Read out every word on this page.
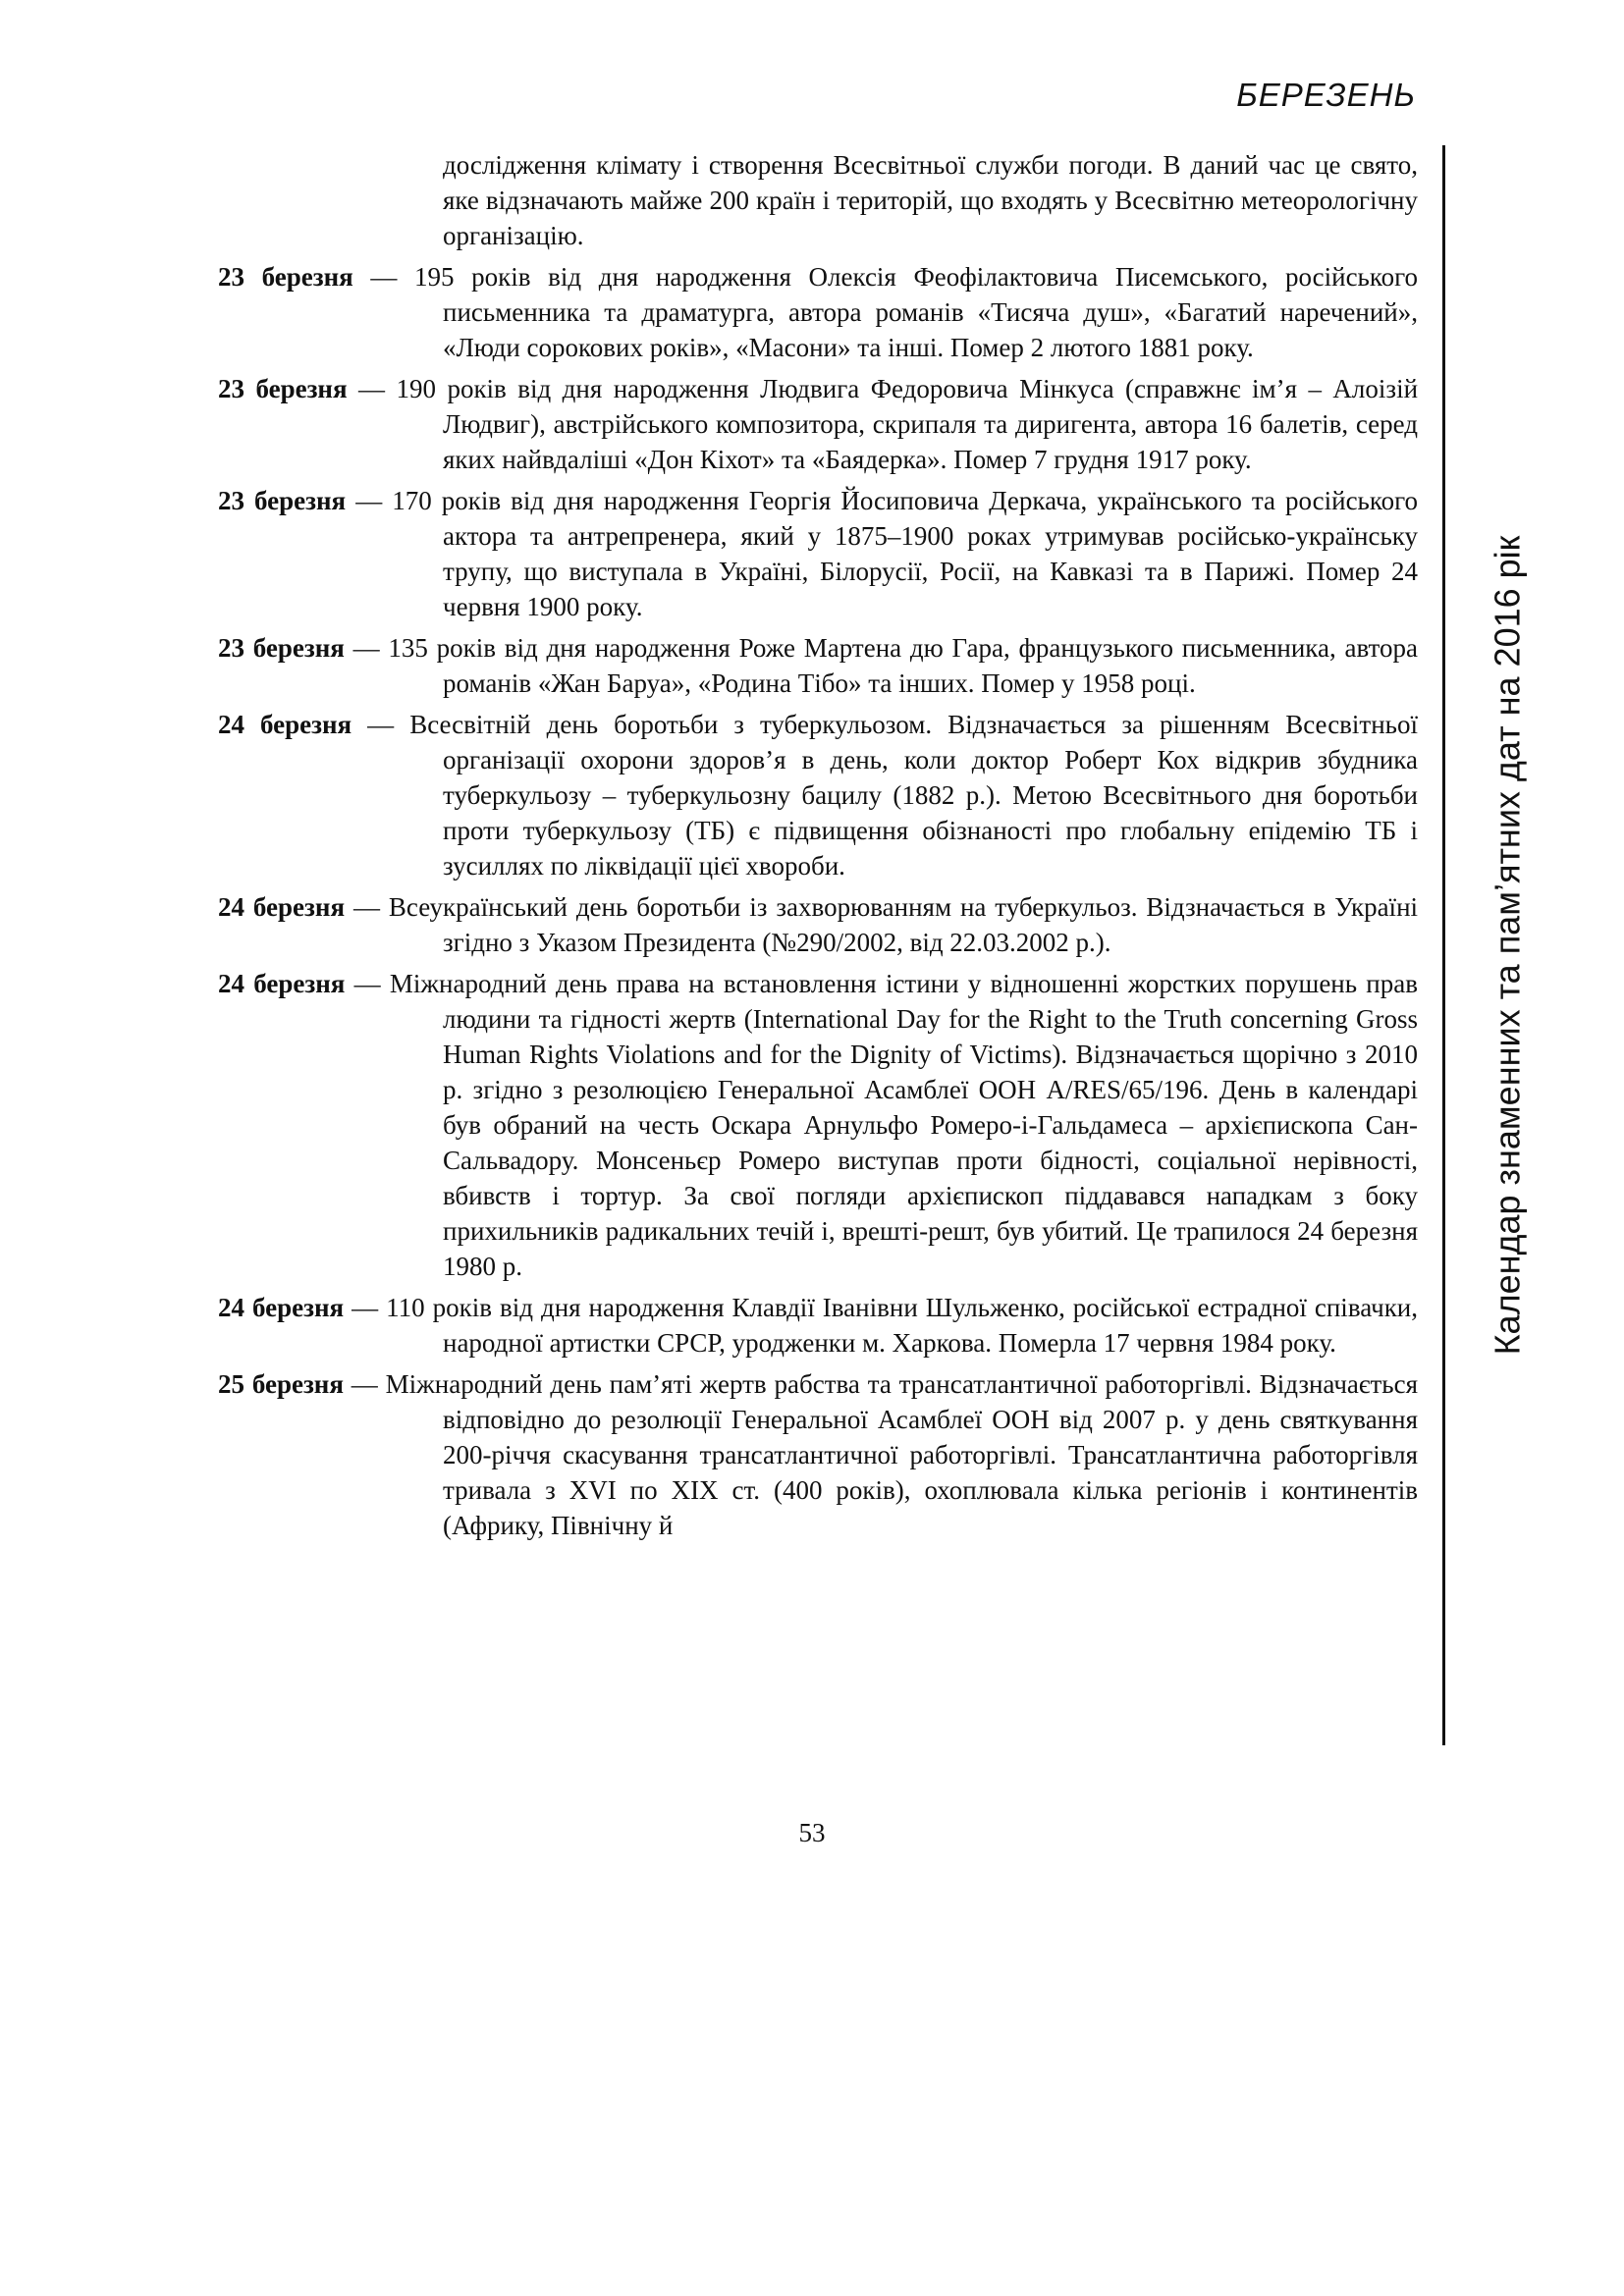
БЕРЕЗЕНЬ
Календар знаменних та пам’ятних дат на 2016 рік
дослідження клімату і створення Всесвітньої служби погоди. В даний час це свято, яке відзначають майже 200 країн і територій, що входять у Всесвітню метеорологічну організацію.
23 березня — 195 років від дня народження Олексія Феофілактовича Писемського, російського письменника та драматурга, автора романів «Тисяча душ», «Багатий наречений», «Люди сорокових років», «Масони» та інші. Помер 2 лютого 1881 року.
23 березня — 190 років від дня народження Людвига Федоровича Мінкуса (справжнє ім’я – Алоізій Людвиг), австрійського композитора, скрипаля та диригента, автора 16 балетів, серед яких найвдаліші «Дон Кіхот» та «Баядерка». Помер 7 грудня 1917 року.
23 березня — 170 років від дня народження Георгія Йосиповича Деркача, українського та російського актора та антрепренера, який у 1875–1900 роках утримував російсько-українську трупу, що виступала в Україні, Білорусії, Росії, на Кавказі та в Парижі. Помер 24 червня 1900 року.
23 березня — 135 років від дня народження Роже Мартена дю Гара, французького письменника, автора романів «Жан Баруа», «Родина Тібо» та інших. Помер у 1958 році.
24 березня — Всесвітній день боротьби з туберкульозом. Відзначається за рішенням Всесвітньої організації охорони здоров’я в день, коли доктор Роберт Кох відкрив збудника туберкульозу – туберкульозну бацилу (1882 р.). Метою Всесвітнього дня боротьби проти туберкульозу (ТБ) є підвищення обізнаності про глобальну епідемію ТБ і зусиллях по ліквідації цієї хвороби.
24 березня — Всеукраїнський день боротьби із захворюванням на туберкульоз. Відзначається в Україні згідно з Указом Президента (№290/2002, від 22.03.2002 р.).
24 березня — Міжнародний день права на встановлення істини у відношенні жорстких порушень прав людини та гідності жертв (International Day for the Right to the Truth concerning Gross Human Rights Violations and for the Dignity of Victims). Відзначається щорічно з 2010 р. згідно з резолюцією Генеральної Асамблеї ООН A/RES/65/196. День в календарі був обраний на честь Оскара Арнульфо Ромеро-і-Гальдамеса – архієпископа Сан-Сальвадору. Монсеньєр Ромеро виступав проти бідності, соціальної нерівності, вбивств і тортур. За свої погляди архієпископ піддавався нападкам з боку прихильників радикальних течій і, врешті-решт, був убитий. Це трапилося 24 березня 1980 р.
24 березня — 110 років від дня народження Клавдії Іванівни Шульженко, російської естрадної співачки, народної артистки СРСР, уродженки м. Харкова. Померла 17 червня 1984 року.
25 березня — Міжнародний день пам’яті жертв рабства та трансатлантичної работоргівлі. Відзначається відповідно до резолюції Генеральної Асамблеї ООН від 2007 р. у день святкування 200-річчя скасування трансатлантичної работоргівлі. Трансатлантична работоргівля тривала з XVI по XIX ст. (400 років), охоплювала кілька регіонів і континентів (Африку, Північну й
53
